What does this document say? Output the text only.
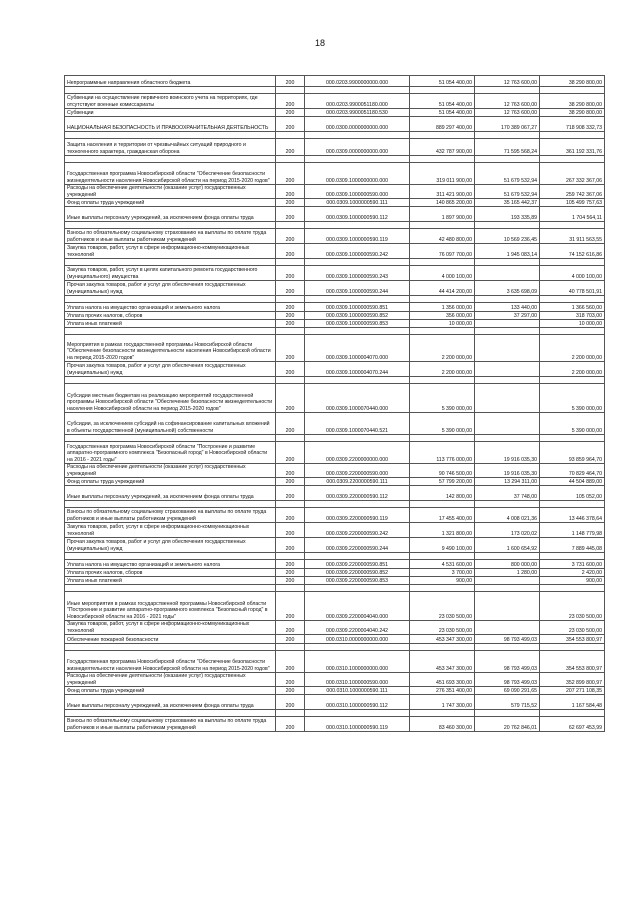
18
Непрограммные направления областного бюджета	200	000.0203.9900000000.000	51 054 400,00	12 763 600,00	38 290 800,00

Субвенции на осуществление первичного воинского учета на территориях, где отсутствуют военные комиссариаты	200	000.0203.9900051180.000	51 054 400,00	12 763 600,00	38 290 800,00
Субвенции	200	000.0203.9900051180.530	51 054 400,00	12 763 600,00	38 290 800,00
НАЦИОНАЛЬНАЯ БЕЗОПАСНОСТЬ И ПРАВООХРАНИТЕЛЬНАЯ ДЕЯТЕЛЬНОСТЬ	200	000.0300.0000000000.000	889 297 400,00	170 389 067,27	718 908 332,73

Защита населения и территории от чрезвычайных ситуаций природного и техногенного характера, гражданская оборона	200	000.0309.0000000000.000	432 787 900,00	71 595 568,24	361 192 331,76

Государственная программа Новосибирской области "Обеспечение безопасности жизнедеятельности населения Новосибирской области на период 2015-2020 годов"	200	000.0309.1000000000.000	319 011 900,00	51 679 532,94	267 332 367,06
Расходы на обеспечение деятельности (оказание услуг) государственных учреждений	200	000.0309.1000000590.000	311 421 900,00	51 679 532,94	259 742 367,06
Фонд оплаты труда учреждений	200	000.0309.1000000590.111	140 865 200,00	35 165 442,37	105 499 757,63
Иные выплаты персоналу учреждений, за исключением фонда оплаты труда	200	000.0309.1000000590.112	1 897 900,00	193 335,89	1 704 564,11

Взносы по обязательному социальному страхованию на выплаты по оплате труда работников и иные выплаты работникам учреждений	200	000.0309.1000000590.119	42 480 800,00	10 569 236,45	31 911 563,55
Закупка товаров, работ, услуг в сфере информационно-коммуникационных технологий	200	000.0309.1000000590.242	76 097 700,00	1 945 083,14	74 152 616,86

Закупка товаров, работ, услуг в целях капитального ремонта государственного (муниципального) имущества	200	000.0309.1000000590.243	4 000 100,00		4 000 100,00
Прочая закупка товаров, работ и услуг для обеспечения государственных (муниципальных) нужд	200	000.0309.1000000590.244	44 414 200,00	3 635 698,09	40 778 501,91

Уплата налога на имущество организаций и земельного налога	200	000.0309.1000000590.851	1 356 000,00	133 440,00	1 366 560,00
Уплата прочих налогов, сборов	200	000.0309.1000000590.852	356 000,00	37 297,00	318 703,00
Уплата иных платежей	200	000.0309.1000000590.853	10 000,00		10 000,00

Мероприятия в рамках государственной программы Новосибирской области "Обеспечение безопасности жизнедеятельности населения Новосибирской области на период 2015-2020 годов"	200	000.0309.1000004070.000	2 200 000,00		2 200 000,00
Прочая закупка товаров, работ и услуг для обеспечения государственных (муниципальных) нужд	200	000.0309.1000004070.244	2 200 000,00		2 200 000,00

Субсидии местным бюджетам на реализацию мероприятий государственной программы Новосибирской области "Обеспечение безопасности жизнедеятельности населения Новосибирской области на период 2015-2020 годов"	200	000.0309.1000070440.000	5 390 000,00		5 390 000,00
Субсидии, за исключением субсидий на софинансирование капитальных вложений в объекты государственной (муниципальной) собственности	200	000.0309.1000070440.521	5 390 000,00		5 390 000,00

Государственная программа Новосибирской области "Построение и развитие аппаратно-программного комплекса "Безопасный город" в Новосибирской области на 2016 - 2021 годы"	200	000.0309.2200000000.000	113 776 000,00	19 916 035,30	93 859 964,70
Расходы на обеспечение деятельности (оказание услуг) государственных учреждений	200	000.0309.2200000590.000	90 746 500,00	19 916 035,30	70 829 464,70
Фонд оплаты труда учреждений	200	000.0309.2200000590.111	57 799 200,00	13 294 311,00	44 504 889,00
Иные выплаты персоналу учреждений, за исключением фонда оплаты труда	200	000.0309.2200000590.112	142 800,00	37 748,00	105 052,00

Взносы по обязательному социальному страхованию на выплаты по оплате труда работников и иные выплаты работникам учреждений	200	000.0309.2200000590.119	17 455 400,00	4 008 021,36	13 446 378,64
Закупка товаров, работ, услуг в сфере информационно-коммуникационных технологий	200	000.0309.2200000590.242	1 321 800,00	173 020,02	1 148 779,98
Прочая закупка товаров, работ и услуг для обеспечения государственных (муниципальных) нужд	200	000.0309.2200000590.244	9 490 100,00	1 600 654,92	7 889 445,08

Уплата налога на имущество организаций и земельного налога	200	000.0309.2200000590.851	4 531 600,00	800 000,00	3 731 600,00
Уплата прочих налогов, сборов	200	000.0309.2200000590.852	3 700,00	1 280,00	2 420,00
Уплата иных платежей	200	000.0309.2200000590.853	900,00		900,00

Иные мероприятия в рамках государственной программы Новосибирской области "Построение и развитие аппаратно-программного комплекса "Безопасный город" в Новосибирской области на 2016 - 2021 годы"	200	000.0309.2200004040.000	23 030 500,00		23 030 500,00
Закупка товаров, работ, услуг в сфере информационно-коммуникационных технологий	200	000.0309.2200004040.242	23 030 500,00		23 030 500,00
Обеспечение пожарной безопасности	200	000.0310.0000000000.000	453 347 300,00	98 793 499,03	354 553 800,97

Государственная программа Новосибирской области "Обеспечение безопасности жизнедеятельности населения Новосибирской области на период 2015-2020 годов"	200	000.0310.1000000000.000	453 347 300,00	98 793 499,03	354 553 800,97
Расходы на обеспечение деятельности (оказание услуг) государственных учреждений	200	000.0310.1000000590.000	451 693 300,00	98 793 499,03	352 899 800,97
Фонд оплаты труда учреждений	200	000.0310.1000000590.111	276 351 400,00	69 090 291,65	207 271 108,35
Иные выплаты персоналу учреждений, за исключением фонда оплаты труда	200	000.0310.1000000590.112	1 747 300,00	579 715,52	1 167 584,48

Взносы по обязательному социальному страхованию на выплаты по оплате труда работников и иные выплаты работникам учреждений	200	000.0310.1000000590.119	83 460 300,00	20 762 846,01	62 697 453,99
